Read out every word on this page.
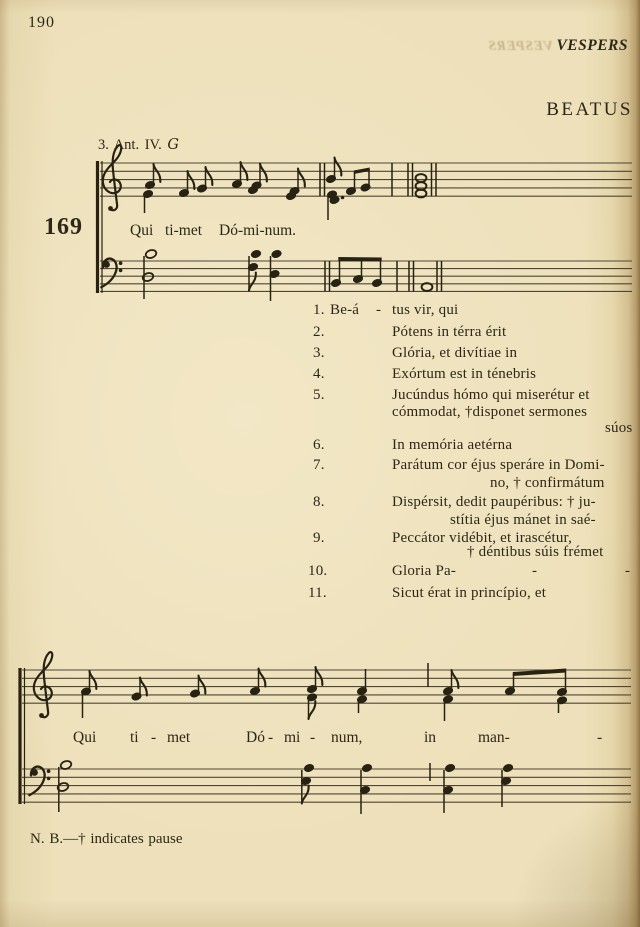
190
VESPERS VESPERS
BEATUS
3. Ant. IV. G
169	Qui ti-met Dó-mi-num.
Qui ti - met	Dó - mi - num,	in	man-	-
1. Be-á - tus vir, qui
2.	Pótens in térra érit
3.	Glória, et divítiae in
4.	Exórtum est in ténebris
5.	Jucúndus hómo qui miserétur et
cómmodat, †disponet sermones
súos
6.	In memória aetérna
7.	Parátum cor éjus speráre in Domi-
no, † confirmátum
8.	Dispérsit, dedit paupéribus: † ju-
stítia éjus mánet in saé-
9.	Peccátor vidébit, et irascétur,
† déntibus súis frémet
10.	Gloria Pa-	-	-
11.	Sicut érat in princípio, et
N. B.—† indicates pause
